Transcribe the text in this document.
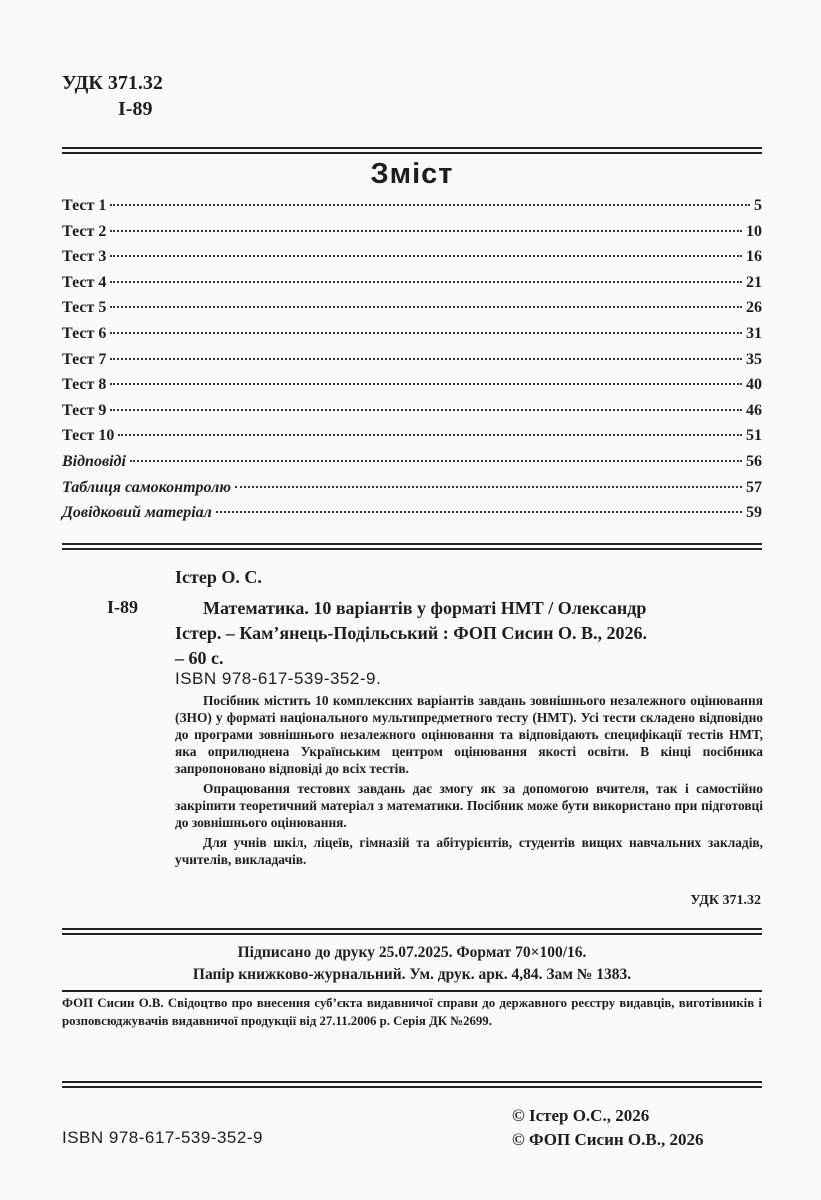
УДК 371.32
І-89
Зміст
Тест 1	5
Тест 2	10
Тест 3	16
Тест 4	21
Тест 5	26
Тест 6	31
Тест 7	35
Тест 8	40
Тест 9	46
Тест 10	51
Відповіді	56
Таблиця самоконтролю	57
Довідковий матеріал	59
Істер О. С.
І-89	Математика. 10 варіантів у форматі НМТ / Олександр
Істер. – Кам’янець-Подільський : ФОП Сисин О. В., 2026.
– 60 с.
ISBN 978-617-539-352-9.

Посібник містить 10 комплексних варіантів завдань зовнішнього незалежного оцінювання (ЗНО) у форматі національного мультипредметного тесту (НМТ). Усі тести складено відповідно до програми зовнішнього незалежного оцінювання та відповідають специфікації тестів НМТ, яка оприлюднена Українським центром оцінювання якості освіти. В кінці посібника запропоновано відповіді до всіх тестів.

Опрацювання тестових завдань дає змогу як за допомогою вчителя, так і самостійно закріпити теоретичний матеріал з математики. Посібник може бути використано при підготовці до зовнішнього оцінювання.

Для учнів шкіл, ліцеїв, гімназій та абітурієнтів, студентів вищих навчальних закладів, учителів, викладачів.

УДК 371.32
Підписано до друку 25.07.2025. Формат 70×100/16.
Папір книжково-журнальний. Ум. друк. арк. 4,84. Зам № 1383.
ФОП Сисин О.В. Свідоцтво про внесення суб’єкта видавничої справи до державного реєстру видавців, виготівників і розповсюджувачів видавничої продукції від 27.11.2006 р. Серія ДК №2699.
ISBN 978-617-539-352-9
© Істер О.С., 2026
© ФОП Сисин О.В., 2026
